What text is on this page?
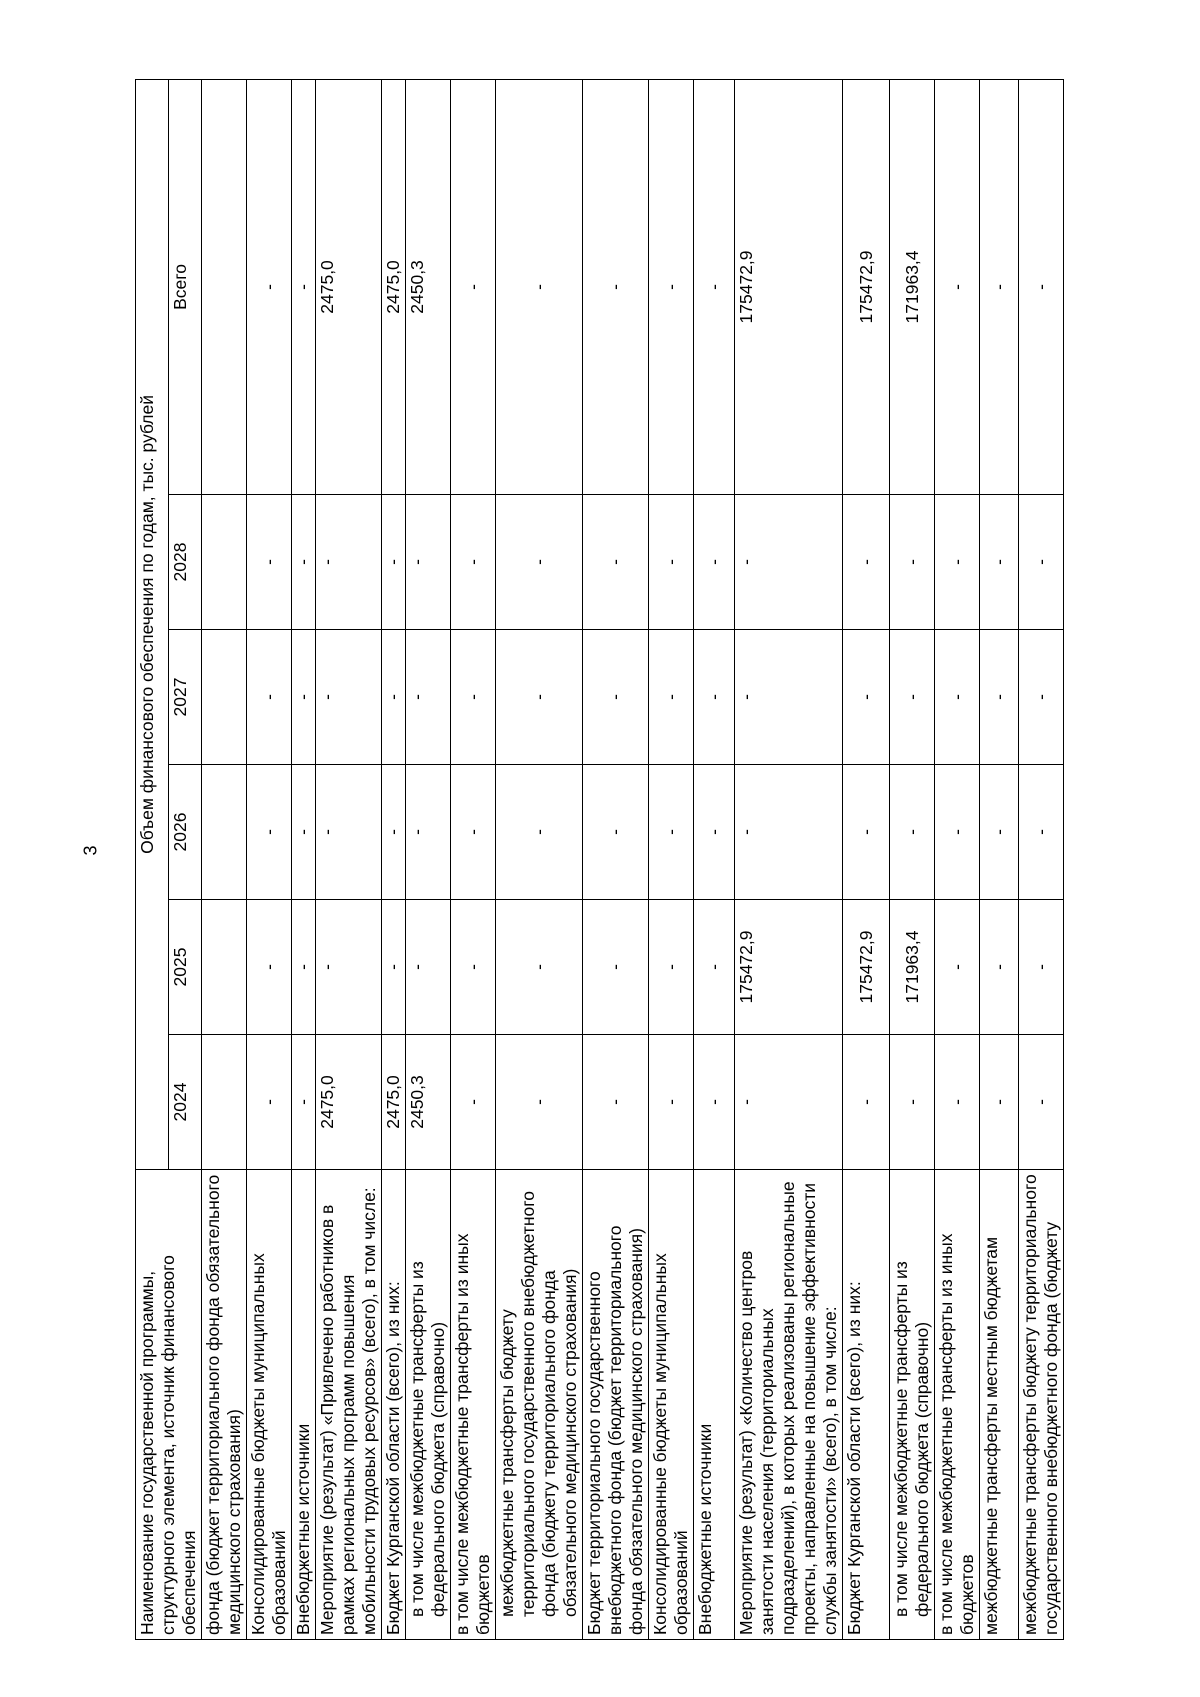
3
Наименование государственной программы, структурного элемента, источник финансового обеспечения	Объем финансового обеспечения по годам, тыс. рублей					
	2024	2025	2026	2027	2028	Всего
фонда (бюджет территориального фонда обязательного медицинского страхования)						
Консолидированные бюджеты муниципальных образований	-	-	-	-	-	-
Внебюджетные источники	-	-	-	-	-	-
Мероприятие (результат) «Привлечено работников в рамках региональных программ повышения мобильности трудовых ресурсов» (всего), в том числе:	2475,0	-	-	-	-	2475,0
Бюджет Курганской области (всего), из них:	2475,0	-	-	-	-	2475,0
в том числе межбюджетные трансферты из федерального бюджета (справочно)	2450,3	-	-	-	-	2450,3
в том числе межбюджетные трансферты из иных бюджетов	-	-	-	-	-	-
межбюджетные трансферты бюджету территориального государственного внебюджетного фонда (бюджету территориального фонда обязательного медицинского страхования)	-	-	-	-	-	-
Бюджет территориального государственного внебюджетного фонда (бюджет территориального фонда обязательного медицинского страхования)	-	-	-	-	-	-
Консолидированные бюджеты муниципальных образований	-	-	-	-	-	-
Внебюджетные источники	-	-	-	-	-	-
Мероприятие (результат) «Количество центров занятости населения (территориальных подразделений), в которых реализованы региональные проекты, направленные на повышение эффективности службы занятости» (всего), в том числе:	-	175472,9	-	-	-	175472,9
Бюджет Курганской области (всего), из них:	-	175472,9	-	-	-	175472,9
в том числе межбюджетные трансферты из федерального бюджета (справочно)	-	171963,4	-	-	-	171963,4
в том числе межбюджетные трансферты из иных бюджетов	-	-	-	-	-	-
межбюджетные трансферты местным бюджетам	-	-	-	-	-	-
межбюджетные трансферты бюджету территориального государственного внебюджетного фонда (бюджету	-	-	-	-	-	-
